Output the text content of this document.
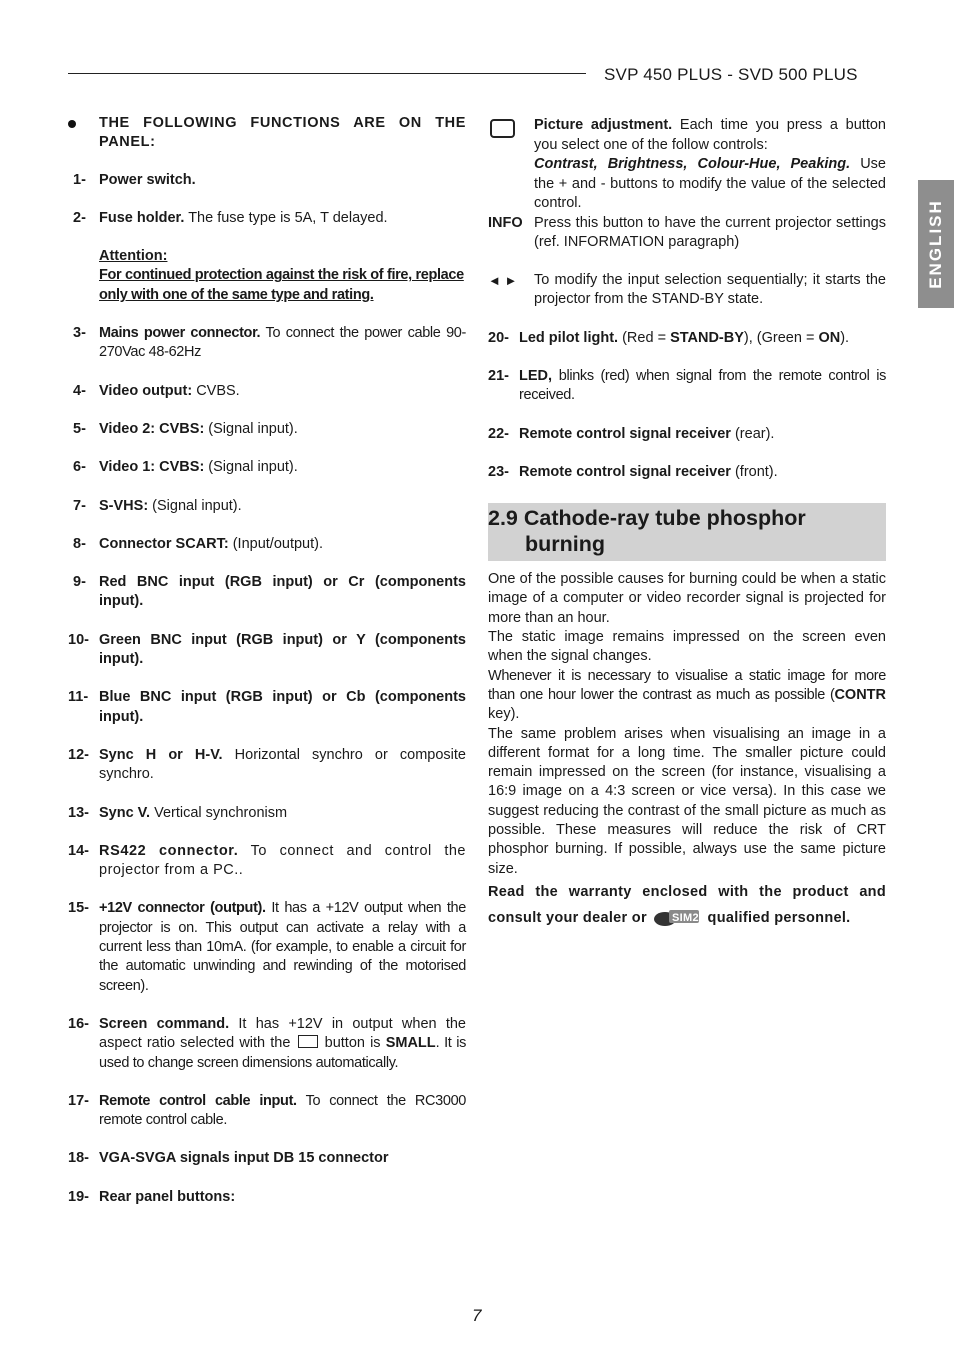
SVP 450 PLUS - SVD 500 PLUS
ENGLISH
THE FOLLOWING FUNCTIONS ARE ON THE PANEL:
1- Power switch.
2- Fuse holder. The fuse type is 5A, T delayed.
Attention:
For continued protection against the risk of fire, replace only with one of the same type and rating.
3- Mains power connector. To connect the power cable 90-270Vac 48-62Hz
4- Video output: CVBS.
5- Video 2: CVBS: (Signal input).
6- Video 1: CVBS: (Signal input).
7- S-VHS: (Signal input).
8- Connector SCART: (Input/output).
9- Red BNC input (RGB input) or Cr (components input).
10- Green BNC input (RGB input) or Y (components input).
11- Blue BNC input (RGB input) or Cb (components input).
12- Sync H or H-V. Horizontal synchro or composite synchro.
13- Sync V. Vertical synchronism
14- RS422 connector. To connect and control the projector from a PC..
15- +12V connector (output). It has a +12V output when the projector is on. This output can activate a relay with a current less than 10mA. (for example, to enable a circuit for the automatic unwinding and rewinding of the motorised screen).
16- Screen command. It has +12V in output when the aspect ratio selected with the  button is SMALL. It is used to change screen dimensions automatically.
17- Remote control cable input. To connect the RC3000 remote control cable.
18- VGA-SVGA signals input DB 15 connector
19- Rear panel buttons:
Picture adjustment. Each time you press a button you select one of the follow controls:
Contrast, Brightness, Colour-Hue, Peaking. Use the + and - buttons to modify the value of the selected control.
INFO Press this button to have the current projector settings (ref. INFORMATION paragraph)
◄ ► To modify the input selection sequentially; it starts the projector from the STAND-BY state.
20- Led pilot light. (Red = STAND-BY), (Green = ON).
21- LED, blinks (red) when signal from the remote control is received.
22- Remote control signal receiver (rear).
23- Remote control signal receiver (front).
2.9 Cathode-ray tube phosphor
burning

One of the possible causes for burning could be when a static image of a computer or video recorder signal is projected for more than an hour.

The static image remains impressed on the screen even when the signal changes.

Whenever it is necessary to visualise a static image for more than one hour lower the contrast as much as possible (CONTR key).

The same problem arises when visualising an image in a different format for a long time. The smaller picture could remain impressed on the screen (for instance, visualising a 16:9 image on a 4:3 screen or vice versa). In this case we suggest reducing the contrast of the small picture as much as possible. These measures will reduce the risk of CRT phosphor burning. If possible, always use the same picture size.

Read the warranty enclosed with the product and consult your dealer or SIM2 qualified personnel.

7
